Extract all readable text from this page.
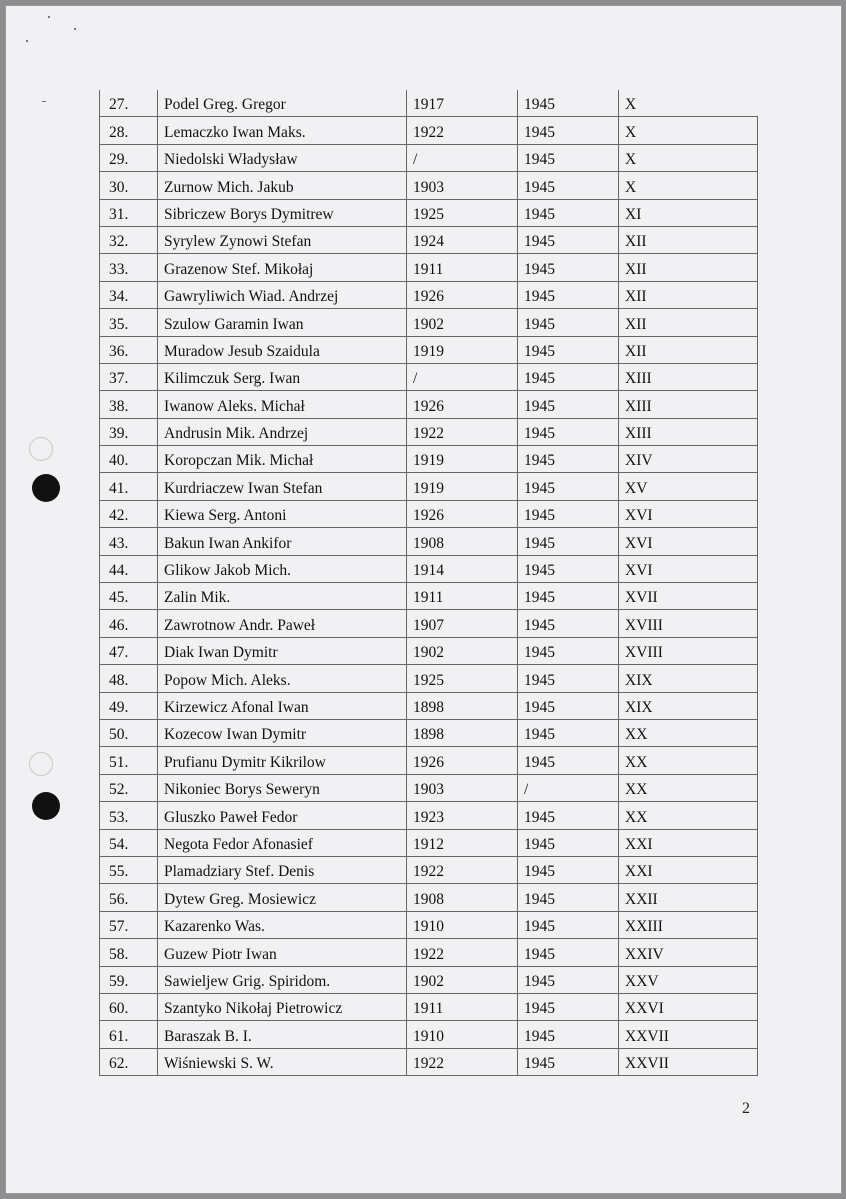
27.	Podel Greg. Gregor	1917	1945	X
28.	Lemaczko Iwan Maks.	1922	1945	X
29.	Niedolski Władysław	/	1945	X
30.	Zurnow Mich. Jakub	1903	1945	X
31.	Sibriczew Borys Dymitrew	1925	1945	XI
32.	Syrylew Zynowi Stefan	1924	1945	XII
33.	Grazenow Stef. Mikołaj	1911	1945	XII
34.	Gawryliwich Wiad. Andrzej	1926	1945	XII
35.	Szulow Garamin Iwan	1902	1945	XII
36.	Muradow Jesub Szaidula	1919	1945	XII
37.	Kilimczuk Serg. Iwan	/	1945	XIII
38.	Iwanow Aleks. Michał	1926	1945	XIII
39.	Andrusin Mik. Andrzej	1922	1945	XIII
40.	Koropczan Mik. Michał	1919	1945	XIV
41.	Kurdriaczew Iwan Stefan	1919	1945	XV
42.	Kiewa Serg. Antoni	1926	1945	XVI
43.	Bakun Iwan Ankifor	1908	1945	XVI
44.	Glikow Jakob Mich.	1914	1945	XVI
45.	Zalin Mik.	1911	1945	XVII
46.	Zawrotnow Andr. Paweł	1907	1945	XVIII
47.	Diak Iwan Dymitr	1902	1945	XVIII
48.	Popow Mich. Aleks.	1925	1945	XIX
49.	Kirzewicz Afonal Iwan	1898	1945	XIX
50.	Kozecow Iwan Dymitr	1898	1945	XX
51.	Prufianu Dymitr Kikrilow	1926	1945	XX
52.	Nikoniec Borys Seweryn	1903	/	XX
53.	Gluszko Paweł Fedor	1923	1945	XX
54.	Negota Fedor Afonasief	1912	1945	XXI
55.	Plamadziary Stef. Denis	1922	1945	XXI
56.	Dytew Greg. Mosiewicz	1908	1945	XXII
57.	Kazarenko Was.	1910	1945	XXIII
58.	Guzew Piotr Iwan	1922	1945	XXIV
59.	Sawieljew Grig. Spiridom.	1902	1945	XXV
60.	Szantyko Nikołaj Pietrowicz	1911	1945	XXVI
61.	Baraszak B. I.	1910	1945	XXVII
62.	Wiśniewski S. W.	1922	1945	XXVII
2
